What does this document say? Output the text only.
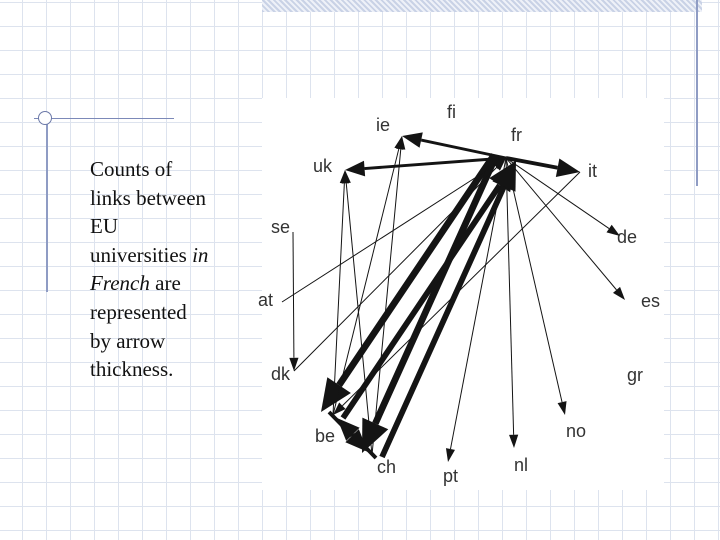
Counts of
links between
EU
universities in
French are
represented
by arrow
thickness.
fi
fr
ie
uk	it
se	de
at	es
dk	gr
be	no
ch	nl
pt
